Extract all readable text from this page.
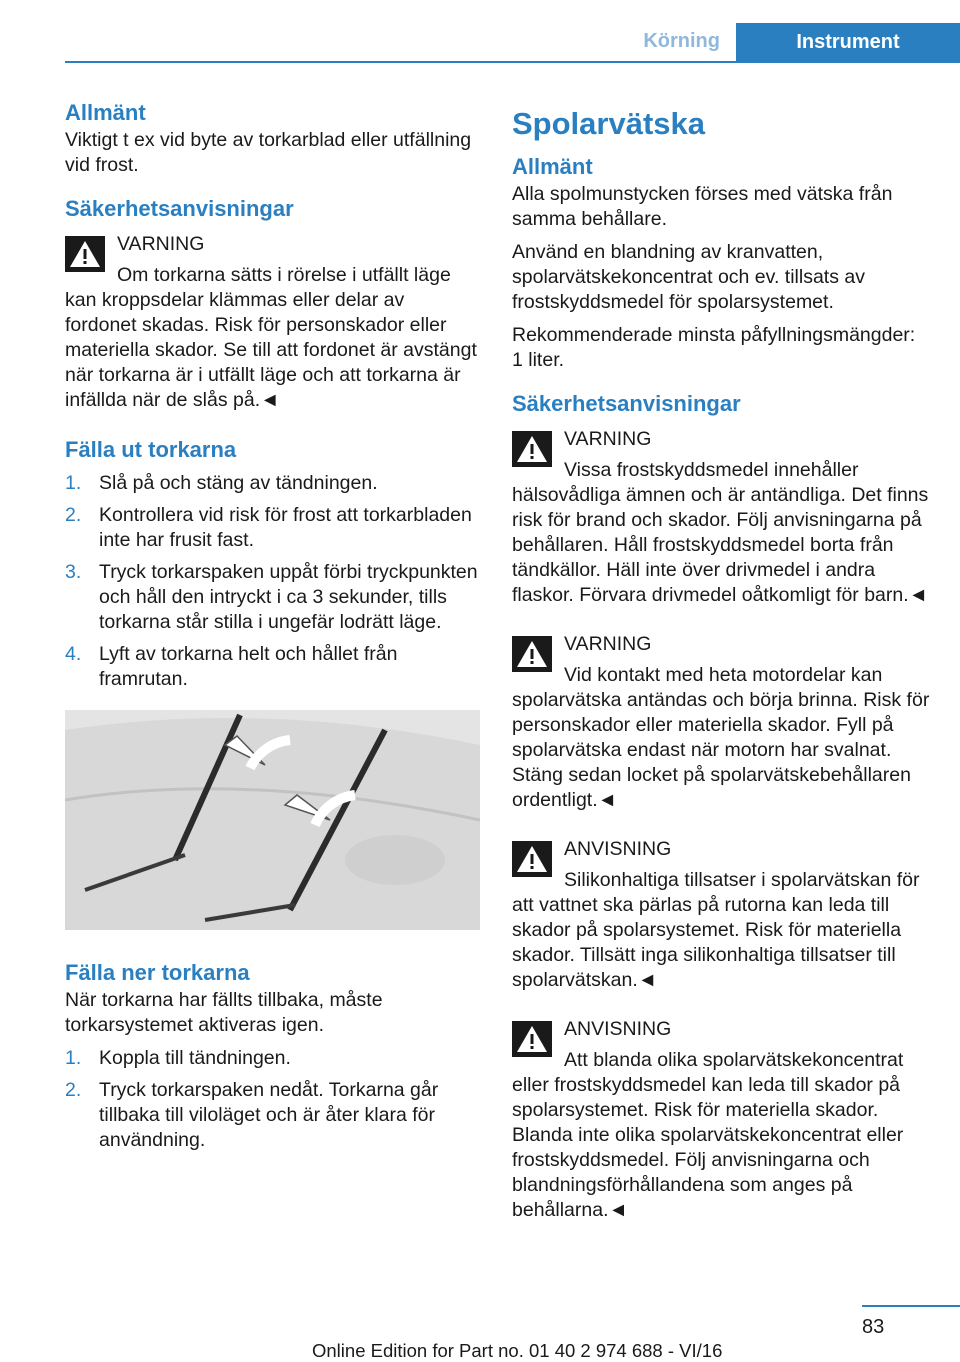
Körning	Instrument
Allmänt

Viktigt t ex vid byte av torkarblad eller utfällning vid frost.

Säkerhetsanvisningar
VARNING

Om torkarna sätts i rörelse i utfällt läge kan kroppsdelar klämmas eller delar av fordonet skadas. Risk för personskador eller materiella skador. Se till att fordonet är avstängt när torkarna är i utfällt läge och att torkarna är infällda när de slås på.◄

Fälla ut torkarna
1. Slå på och stäng av tändningen.
2. Kontrollera vid risk för frost att torkarbladen inte har frusit fast.
3. Tryck torkarspaken uppåt förbi tryckpunkten och håll den intryckt i ca 3 sekunder, tills torkarna står stilla i ungefär lodrätt läge.
4. Lyft av torkarna helt och hållet från framrutan.
Fälla ner torkarna

När torkarna har fällts tillbaka, måste torkarsystemet aktiveras igen.

1. Koppla till tändningen.
2. Tryck torkarspaken nedåt. Torkarna går tillbaka till viloläget och är åter klara för användning.
Spolarvätska
Allmänt

Alla spolmunstycken förses med vätska från samma behållare.

Använd en blandning av kranvatten, spolarvätskekoncentrat och ev. tillsats av frostskyddsmedel för spolarsystemet.

Rekommenderade minsta påfyllningsmängder: 1 liter.

Säkerhetsanvisningar
VARNING

Vissa frostskyddsmedel innehåller hälsovådliga ämnen och är antändliga. Det finns risk för brand och skador. Följ anvisningarna på behållaren. Håll frostskyddsmedel borta från tändkällor. Häll inte över drivmedel i andra flaskor. Förvara drivmedel oåtkomligt för barn.◄

VARNING

Vid kontakt med heta motordelar kan spolarvätska antändas och börja brinna. Risk för personskador eller materiella skador. Fyll på spolarvätska endast när motorn har svalnat. Stäng sedan locket på spolarvätskebehållaren ordentligt.◄

ANVISNING

Silikonhaltiga tillsatser i spolarvätskan för att vattnet ska pärlas på rutorna kan leda till skador på spolarsystemet. Risk för materiella skador. Tillsätt inga silikonhaltiga tillsatser till spolarvätskan.◄

ANVISNING

Att blanda olika spolarvätskekoncentrat eller frostskyddsmedel kan leda till skador på spolarsystemet. Risk för materiella skador. Blanda inte olika spolarvätskekoncentrat eller frostskyddsmedel. Följ anvisningarna och blandningsförhållandena som anges på behållarna.◄

83
Online Edition for Part no. 01 40 2 974 688 - VI/16
